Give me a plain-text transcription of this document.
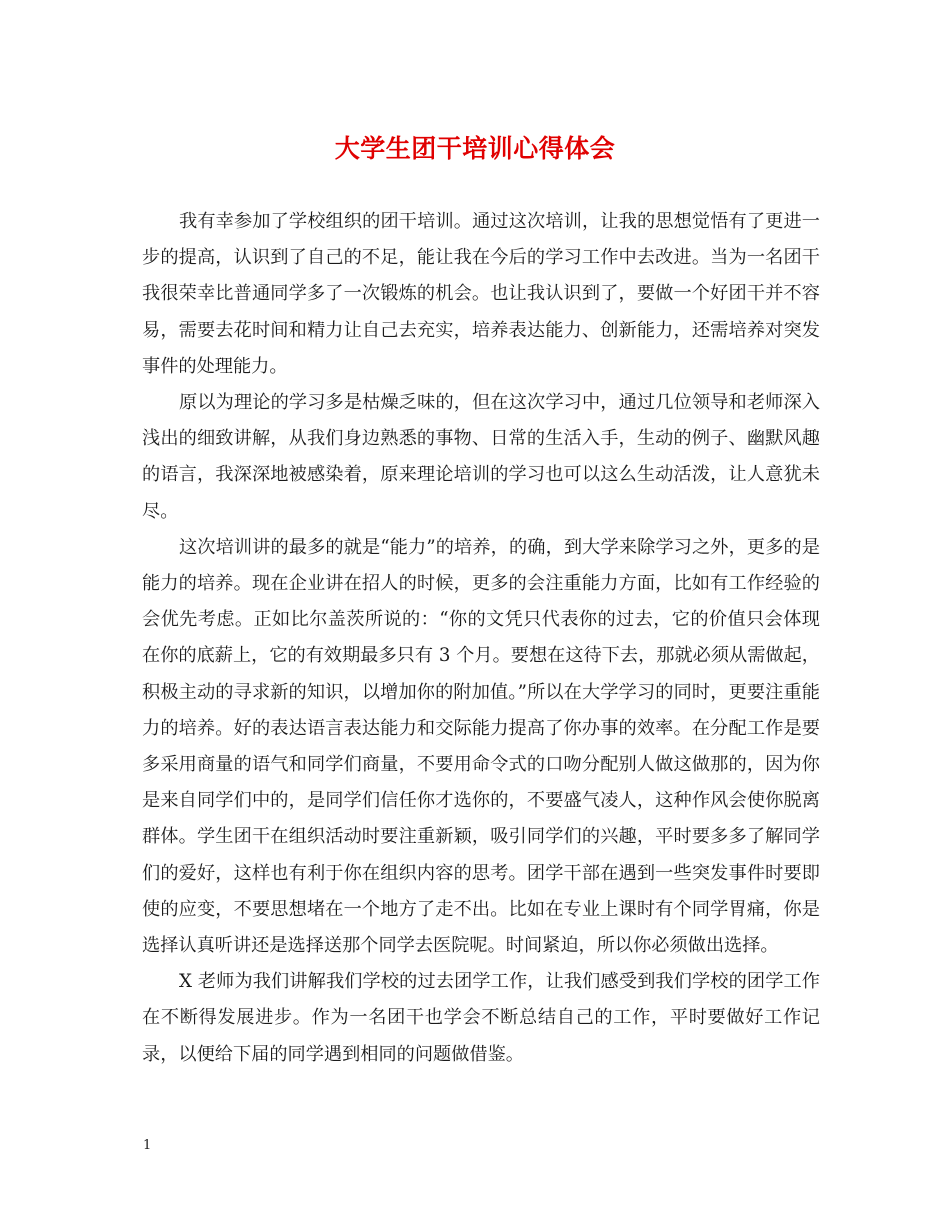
大学生团干培训心得体会

我有幸参加了学校组织的团干培训。通过这次培训，让我的思想觉悟有了更进一步的提高，认识到了自己的不足，能让我在今后的学习工作中去改进。当为一名团干我很荣幸比普通同学多了一次锻炼的机会。也让我认识到了，要做一个好团干并不容易，需要去花时间和精力让自己去充实，培养表达能力、创新能力，还需培养对突发事件的处理能力。

原以为理论的学习多是枯燥乏味的，但在这次学习中，通过几位领导和老师深入浅出的细致讲解，从我们身边熟悉的事物、日常的生活入手，生动的例子、幽默风趣的语言，我深深地被感染着，原来理论培训的学习也可以这么生动活泼，让人意犹未尽。

这次培训讲的最多的就是“能力”的培养，的确，到大学来除学习之外，更多的是能力的培养。现在企业讲在招人的时候，更多的会注重能力方面，比如有工作经验的会优先考虑。正如比尔盖茨所说的：“你的文凭只代表你的过去，它的价值只会体现在你的底薪上，它的有效期最多只有 3 个月。要想在这待下去，那就必须从需做起，积极主动的寻求新的知识，以增加你的附加值。”所以在大学学习的同时，更要注重能力的培养。好的表达语言表达能力和交际能力提高了你办事的效率。在分配工作是要多采用商量的语气和同学们商量，不要用命令式的口吻分配别人做这做那的，因为你是来自同学们中的，是同学们信任你才选你的，不要盛气凌人，这种作风会使你脱离群体。学生团干在组织活动时要注重新颖，吸引同学们的兴趣，平时要多多了解同学们的爱好，这样也有利于你在组织内容的思考。团学干部在遇到一些突发事件时要即使的应变，不要思想堵在一个地方了走不出。比如在专业上课时有个同学胃痛，你是选择认真听讲还是选择送那个同学去医院呢。时间紧迫，所以你必须做出选择。

X 老师为我们讲解我们学校的过去团学工作，让我们感受到我们学校的团学工作在不断得发展进步。作为一名团干也学会不断总结自己的工作，平时要做好工作记录，以便给下届的同学遇到相同的问题做借鉴。

1
